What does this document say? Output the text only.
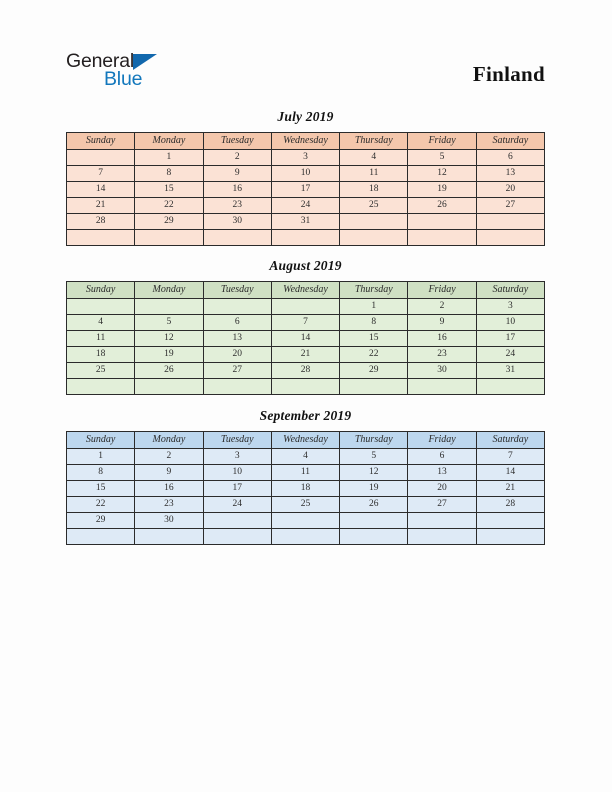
General
Blue	Finland
July 2019
Sunday	Monday	Tuesday	Wednesday	Thursday	Friday	Saturday
	1	2	3	4	5	6
7	8	9	10	11	12	13
14	15	16	17	18	19	20
21	22	23	24	25	26	27
28	29	30	31			

August 2019
Sunday	Monday	Tuesday	Wednesday	Thursday	Friday	Saturday
				1	2	3
4	5	6	7	8	9	10
11	12	13	14	15	16	17
18	19	20	21	22	23	24
25	26	27	28	29	30	31

September 2019
Sunday	Monday	Tuesday	Wednesday	Thursday	Friday	Saturday
1	2	3	4	5	6	7
8	9	10	11	12	13	14
15	16	17	18	19	20	21
22	23	24	25	26	27	28
29	30					
